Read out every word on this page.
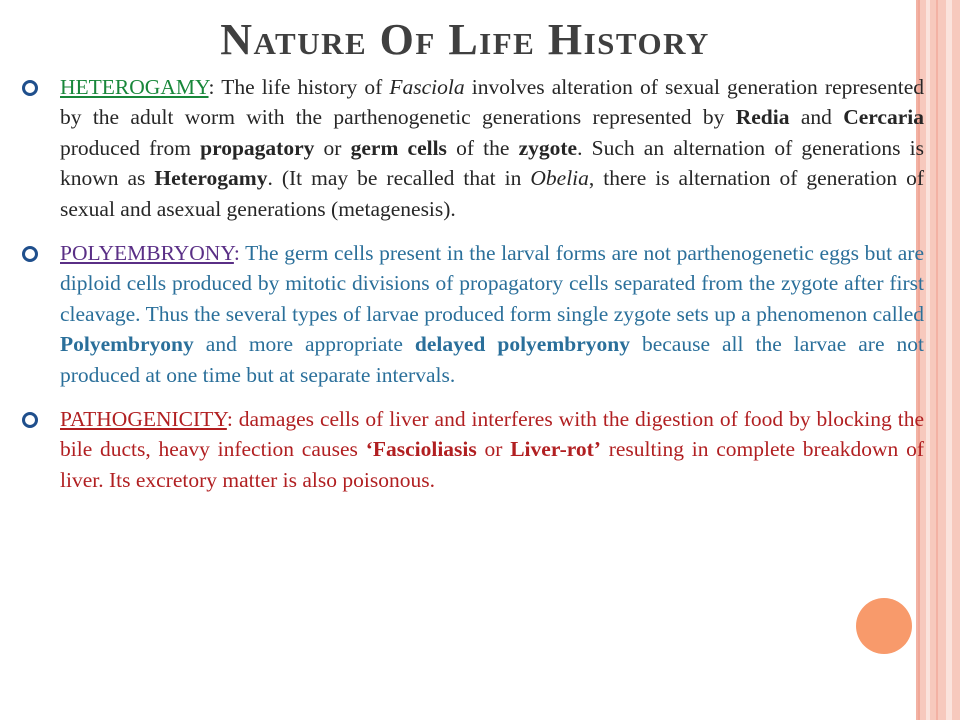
Nature Of Life History

HETEROGAMY: The life history of Fasciola involves alteration of sexual generation represented by the adult worm with the parthenogenetic generations represented by Redia and Cercaria produced from propagatory or germ cells of the zygote. Such an alternation of generations is known as Heterogamy. (It may be recalled that in Obelia, there is alternation of generation of sexual and asexual generations (metagenesis).

POLYEMBRYONY: The germ cells present in the larval forms are not parthenogenetic eggs but are diploid cells produced by mitotic divisions of propagatory cells separated from the zygote after first cleavage. Thus the several types of larvae produced form single zygote sets up a phenomenon called Polyembryony and more appropriate delayed polyembryony because all the larvae are not produced at one time but at separate intervals.

PATHOGENICITY: damages cells of liver and interferes with the digestion of food by blocking the bile ducts, heavy infection causes ‘Fascioliasis or Liver-rot’ resulting in complete breakdown of liver. Its excretory matter is also poisonous.
